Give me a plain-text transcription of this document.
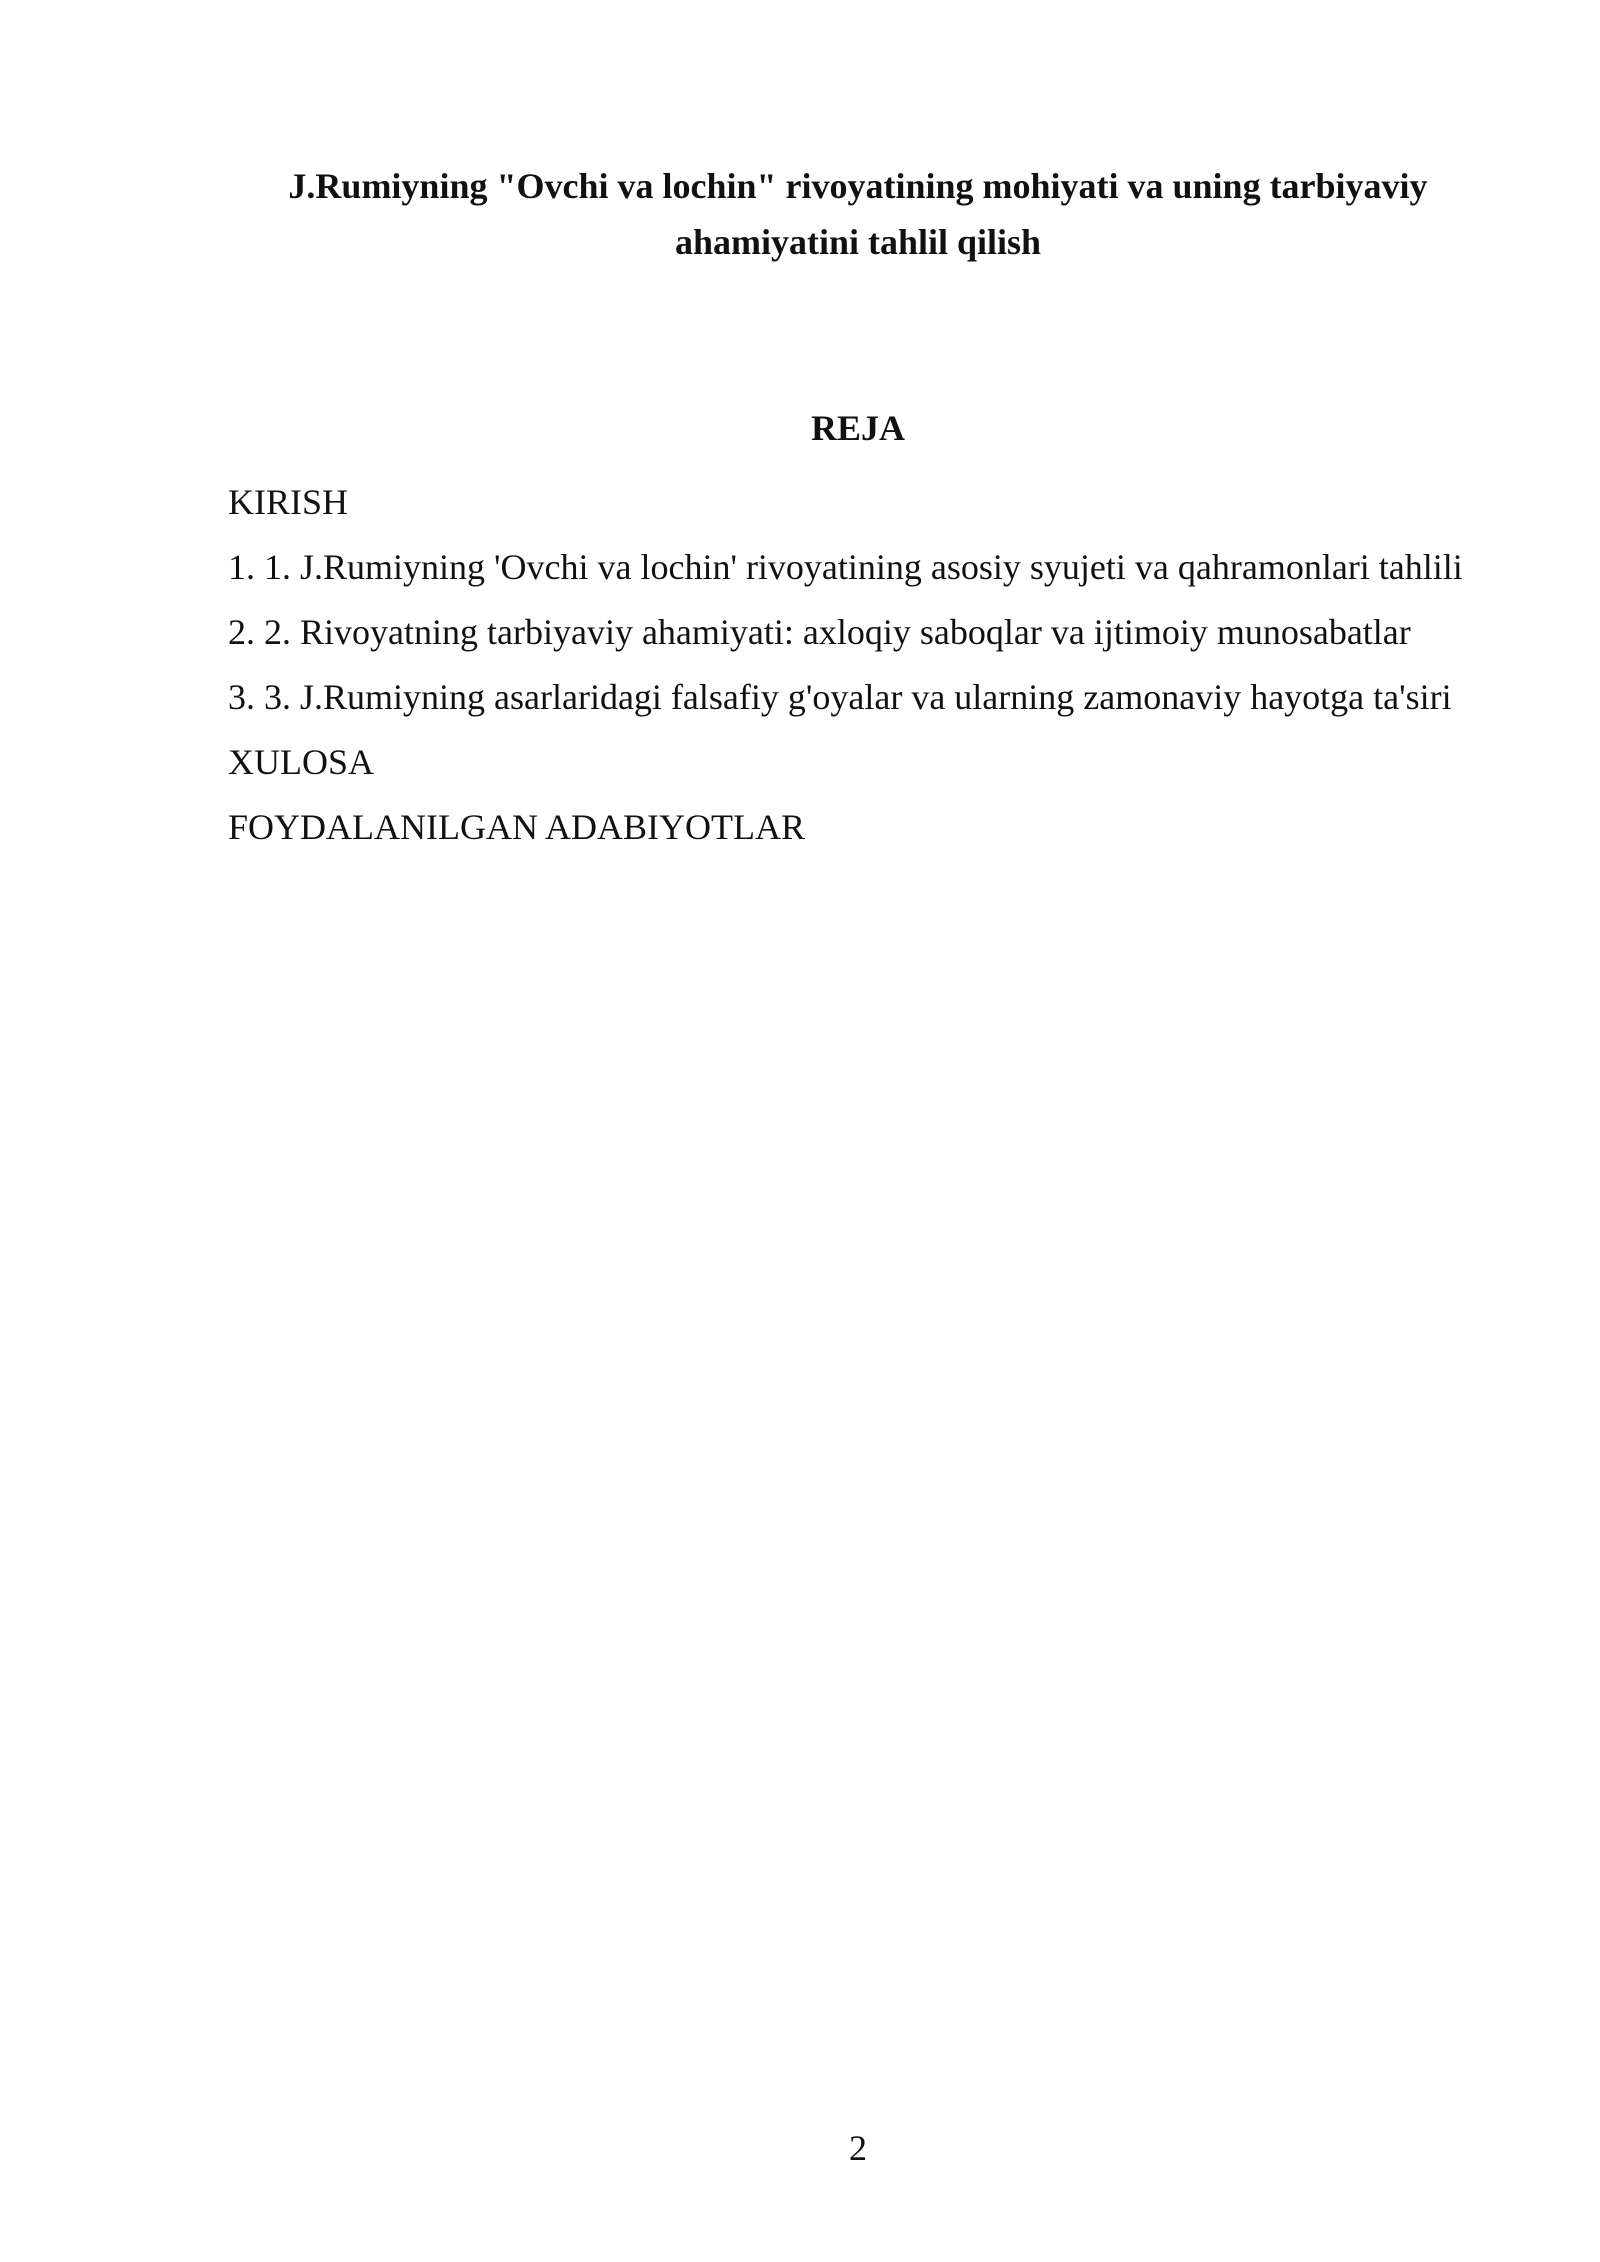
J.Rumiyning "Ovchi va lochin" rivoyatining mohiyati va uning tarbiyaviy ahamiyatini tahlil qilish
REJA
KIRISH
1. 1. J.Rumiyning 'Ovchi va lochin' rivoyatining asosiy syujeti va qahramonlari tahlili
2. 2. Rivoyatning tarbiyaviy ahamiyati: axloqiy saboqlar va ijtimoiy munosabatlar
3. 3. J.Rumiyning asarlaridagi falsafiy g'oyalar va ularning zamonaviy hayotga ta'siri
XULOSA
FOYDALANILGAN ADABIYOTLAR
2
